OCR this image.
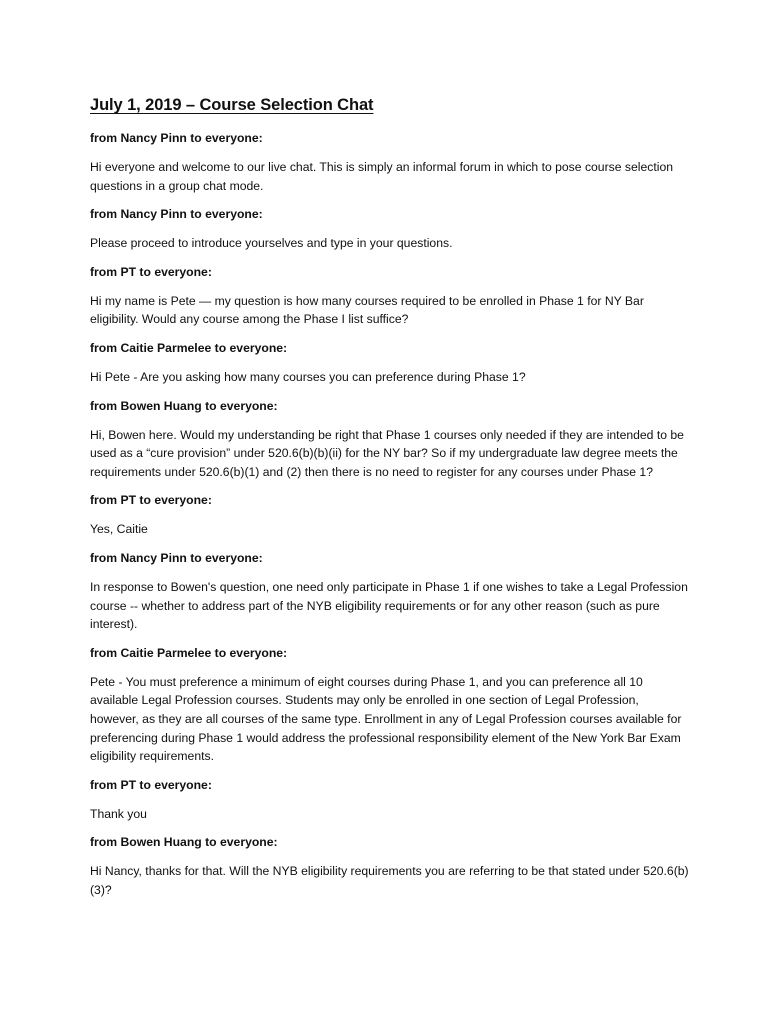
July 1, 2019 – Course Selection Chat
from Nancy Pinn to everyone:
Hi everyone and welcome to our live chat. This is simply an informal forum in which to pose course selection questions in a group chat mode.
from Nancy Pinn to everyone:
Please proceed to introduce yourselves and type in your questions.
from PT to everyone:
Hi my name is Pete — my question is how many courses required to be enrolled in Phase 1 for NY Bar eligibility. Would any course among the Phase I list suffice?
from Caitie Parmelee to everyone:
Hi Pete - Are you asking how many courses you can preference during Phase 1?
from Bowen Huang to everyone:
Hi, Bowen here. Would my understanding be right that Phase 1 courses only needed if they are intended to be used as a “cure provision” under 520.6(b)(b)(ii) for the NY bar? So if my undergraduate law degree meets the requirements under 520.6(b)(1) and (2) then there is no need to register for any courses under Phase 1?
from PT to everyone:
Yes, Caitie
from Nancy Pinn to everyone:
In response to Bowen's question, one need only participate in Phase 1 if one wishes to take a Legal Profession course -- whether to address part of the NYB eligibility requirements or for any other reason (such as pure interest).
from Caitie Parmelee to everyone:
Pete - You must preference a minimum of eight courses during Phase 1, and you can preference all 10 available Legal Profession courses. Students may only be enrolled in one section of Legal Profession, however, as they are all courses of the same type. Enrollment in any of Legal Profession courses available for preferencing during Phase 1 would address the professional responsibility element of the New York Bar Exam eligibility requirements.
from PT to everyone:
Thank you
from Bowen Huang to everyone:
Hi Nancy, thanks for that. Will the NYB eligibility requirements you are referring to be that stated under 520.6(b)(3)?
